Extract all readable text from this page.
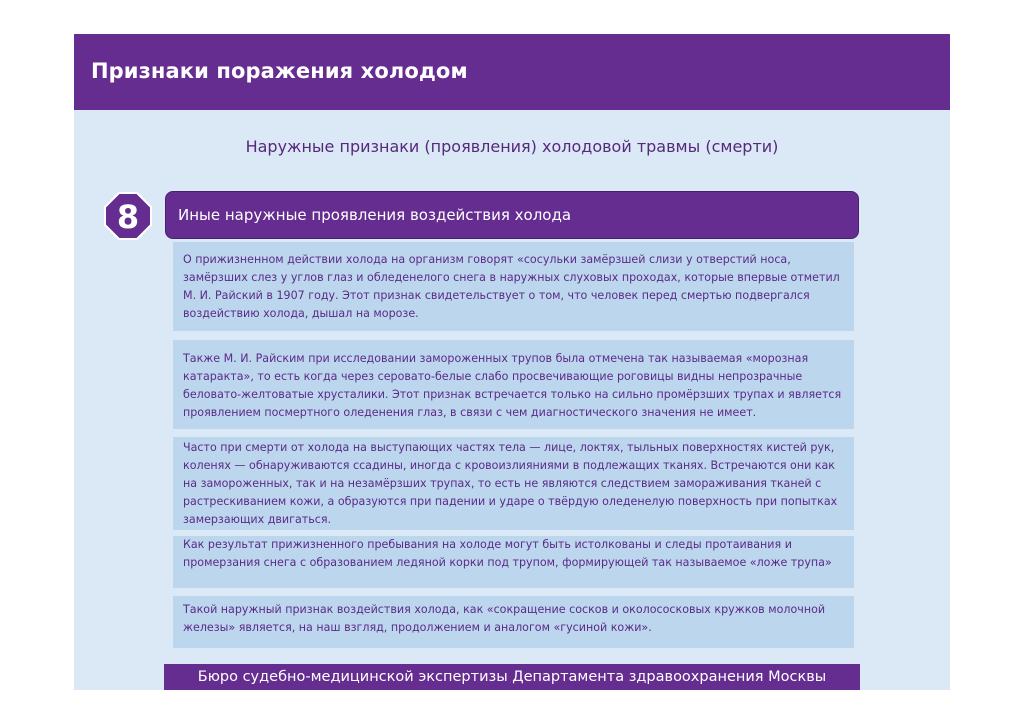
Признаки поражения холодом
Наружные признаки (проявления) холодовой травмы (смерти)
8	Иные наружные проявления воздействия холода

О прижизненном действии холода на организм говорят «сосульки замёрзшей слизи у отверстий носа, замёрзших слез у углов глаз и обледенелого снега в наружных слуховых проходах, которые впервые отметил М. И. Райский в 1907 году. Этот признак свидетельствует о том, что человек перед смертью подвергался воздействию холода, дышал на морозе.

Также М. И. Райским при исследовании замороженных трупов была отмечена так называемая «морозная катаракта», то есть когда через серовато-белые слабо просвечивающие роговицы видны непрозрачные беловато-желтоватые хрусталики. Этот признак встречается только на сильно промёрзших трупах и является проявлением посмертного оледенения глаз, в связи с чем диагностического значения не имеет.

Часто при смерти от холода на выступающих частях тела — лице, локтях, тыльных поверхностях кистей рук, коленях — обнаруживаются ссадины, иногда с кровоизлияниями в подлежащих тканях. Встречаются они как на замороженных, так и на незамёрзших трупах, то есть не являются следствием замораживания тканей с растрескиванием кожи, а образуются при падении и ударе о твёрдую оледенелую поверхность при попытках замерзающих двигаться.

Как результат прижизненного пребывания на холоде могут быть истолкованы и следы протаивания и промерзания снега с образованием ледяной корки под трупом, формирующей так называемое «ложе трупа»

Такой наружный признак воздействия холода, как «сокращение сосков и околососковых кружков молочной железы» является, на наш взгляд, продолжением и аналогом «гусиной кожи».

Бюро судебно-медицинской экспертизы Департамента здравоохранения Москвы
